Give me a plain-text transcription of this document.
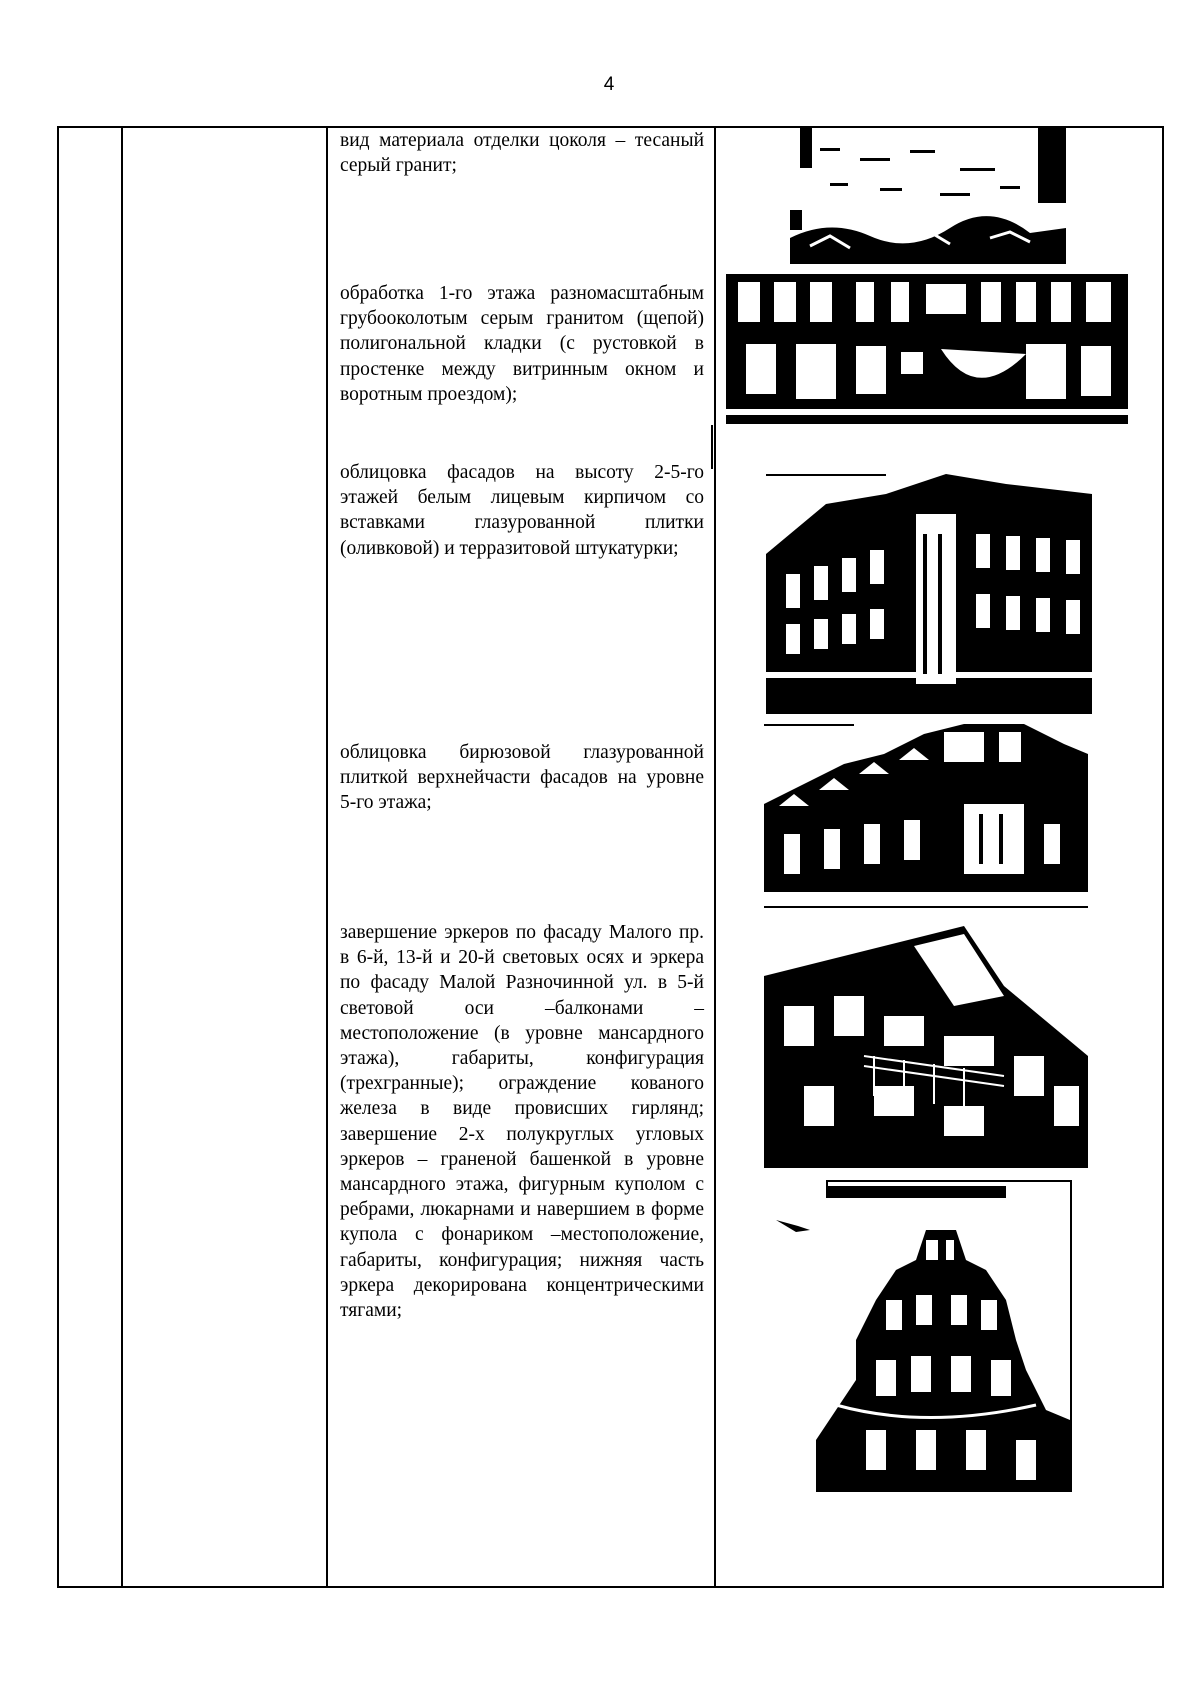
4
вид материала отделки цоколя – тесаный серый гранит;
обработка 1-го этажа разномасштабным грубооколотым серым гранитом (щепой) полигональной кладки (с рустовкой в простенке между витринным окном и воротным проездом);
облицовка фасадов на высоту 2-5-го этажей белым лицевым кирпичом со вставками глазурованной плитки (оливковой) и терразитовой штукатурки;
облицовка бирюзовой глазурованной плиткой верхнейчасти фасадов на уровне 5-го этажа;
завершение эркеров по фасаду Малого пр. в 6-й, 13-й и 20-й световых осях и эркера по фасаду Малой Разночинной ул. в 5-й световой оси –балконами – местоположение (в уровне мансардного этажа), габариты, конфигурация (трехгранные); ограждение кованого железа в виде провисших гирлянд; завершение 2-х полукруглых угловых эркеров – граненой башенкой в уровне мансардного этажа, фигурным куполом с ребрами, люкарнами и навершием в форме купола с фонариком –местоположение, габариты, конфигурация; нижняя часть эркера декорирована концентрическими тягами;
